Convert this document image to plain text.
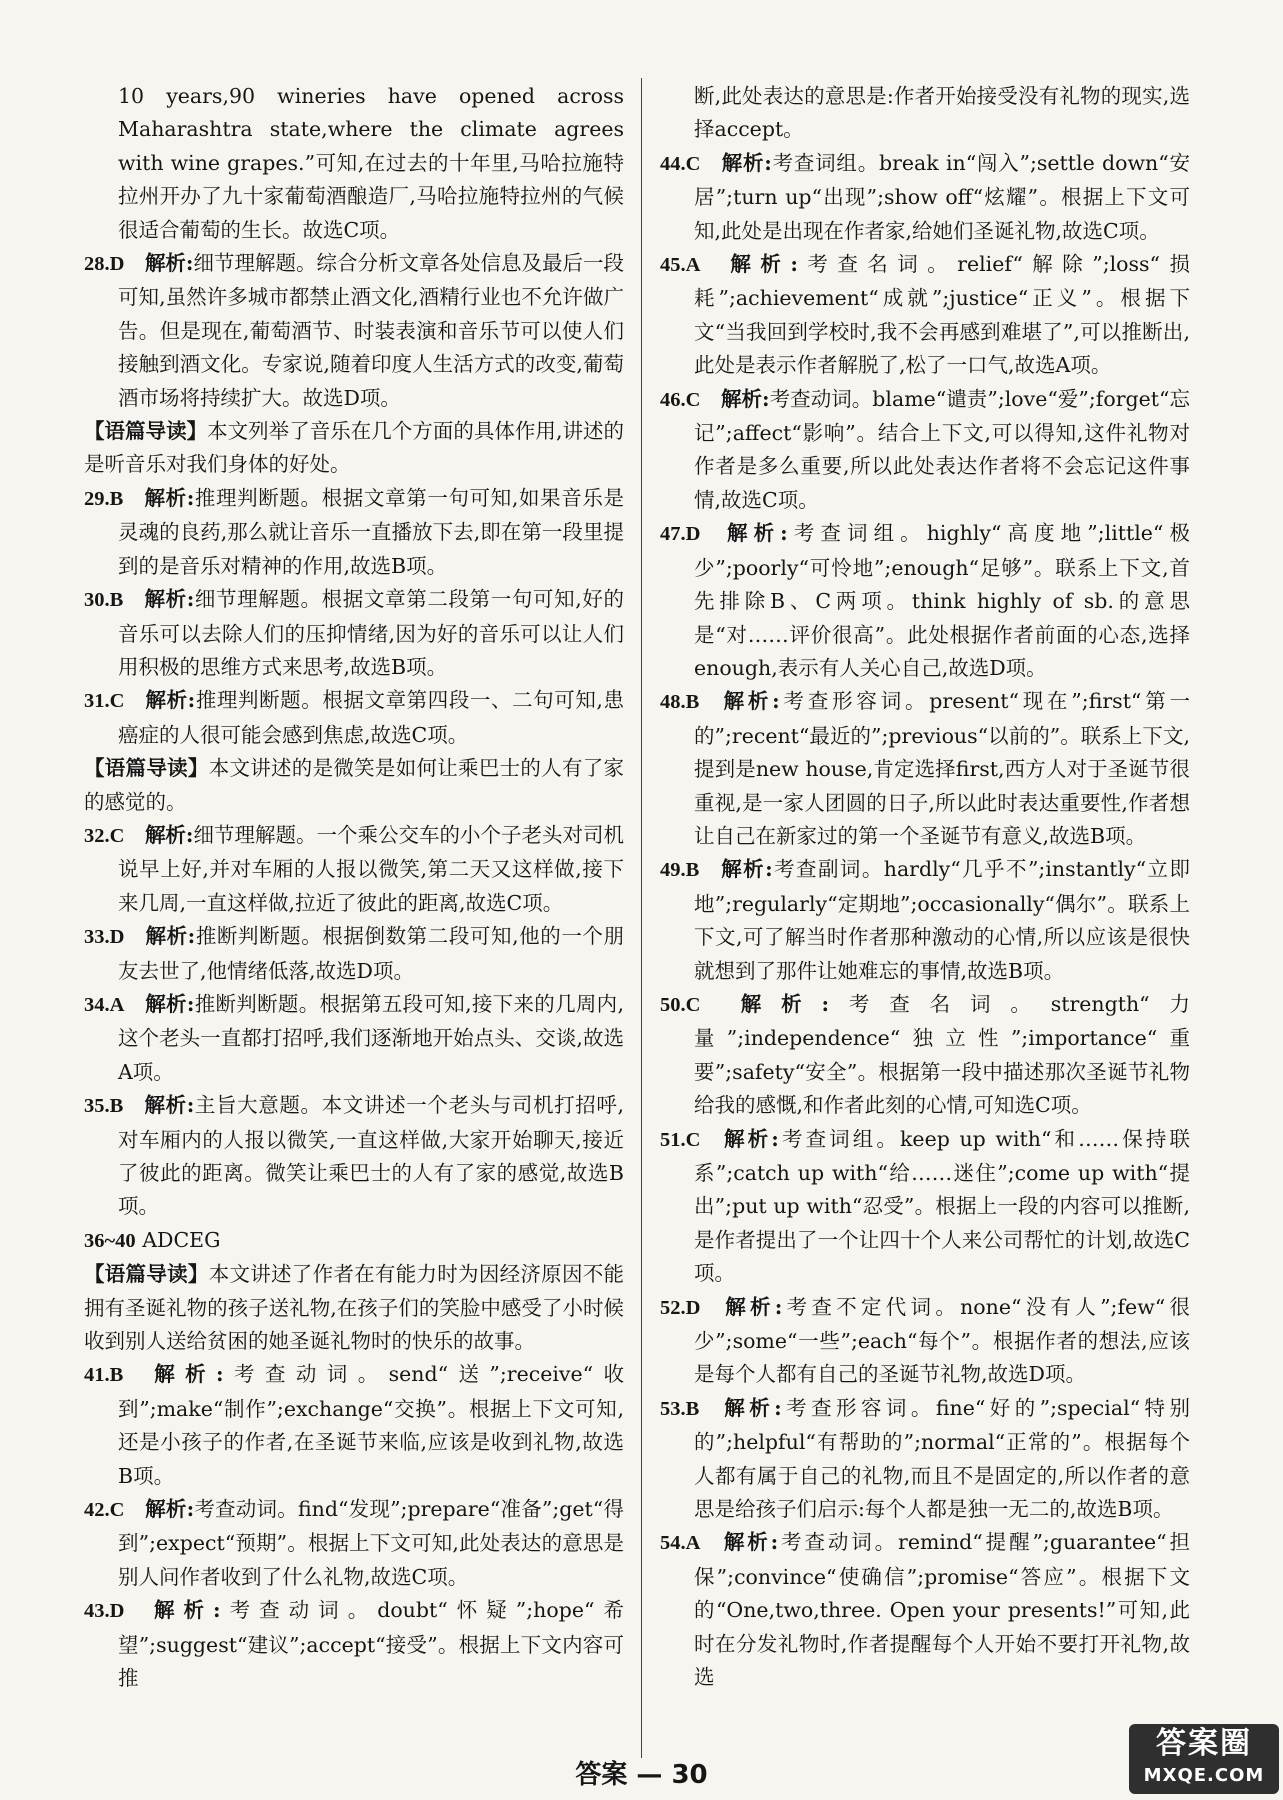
10 years,90 wineries have opened across Maharashtra state,where the climate agrees with wine grapes.”可知,在过去的十年里,马哈拉施特拉州开办了九十家葡萄酒酿造厂,马哈拉施特拉州的气候很适合葡萄的生长。故选C项。

28.D  解析:细节理解题。综合分析文章各处信息及最后一段可知,虽然许多城市都禁止酒文化,酒精行业也不允许做广告。但是现在,葡萄酒节、时装表演和音乐节可以使人们接触到酒文化。专家说,随着印度人生活方式的改变,葡萄酒市场将持续扩大。故选D项。

【语篇导读】本文列举了音乐在几个方面的具体作用,讲述的是听音乐对我们身体的好处。

29.B  解析:推理判断题。根据文章第一句可知,如果音乐是灵魂的良药,那么就让音乐一直播放下去,即在第一段里提到的是音乐对精神的作用,故选B项。

30.B  解析:细节理解题。根据文章第二段第一句可知,好的音乐可以去除人们的压抑情绪,因为好的音乐可以让人们用积极的思维方式来思考,故选B项。

31.C  解析:推理判断题。根据文章第四段一、二句可知,患癌症的人很可能会感到焦虑,故选C项。

【语篇导读】本文讲述的是微笑是如何让乘巴士的人有了家的感觉的。

32.C  解析:细节理解题。一个乘公交车的小个子老头对司机说早上好,并对车厢的人报以微笑,第二天又这样做,接下来几周,一直这样做,拉近了彼此的距离,故选C项。

33.D  解析:推断判断题。根据倒数第二段可知,他的一个朋友去世了,他情绪低落,故选D项。

34.A  解析:推断判断题。根据第五段可知,接下来的几周内,这个老头一直都打招呼,我们逐渐地开始点头、交谈,故选A项。

35.B  解析:主旨大意题。本文讲述一个老头与司机打招呼,对车厢内的人报以微笑,一直这样做,大家开始聊天,接近了彼此的距离。微笑让乘巴士的人有了家的感觉,故选B项。

36~40 ADCEG

【语篇导读】本文讲述了作者在有能力时为因经济原因不能拥有圣诞礼物的孩子送礼物,在孩子们的笑脸中感受了小时候收到别人送给贫困的她圣诞礼物时的快乐的故事。

41.B  解析:考查动词。send“送”;receive“收到”;make“制作”;exchange“交换”。根据上下文可知,还是小孩子的作者,在圣诞节来临,应该是收到礼物,故选B项。

42.C  解析:考查动词。find“发现”;prepare“准备”;get“得到”;expect“预期”。根据上下文可知,此处表达的意思是别人问作者收到了什么礼物,故选C项。

43.D  解析:考查动词。doubt“怀疑”;hope“希望”;suggest“建议”;accept“接受”。根据上下文内容可推

断,此处表达的意思是:作者开始接受没有礼物的现实,选择accept。

44.C  解析:考查词组。break in“闯入”;settle down“安居”;turn up“出现”;show off“炫耀”。根据上下文可知,此处是出现在作者家,给她们圣诞礼物,故选C项。

45.A  解析:考查名词。relief“解除”;loss“损耗”;achievement“成就”;justice“正义”。根据下文“当我回到学校时,我不会再感到难堪了”,可以推断出,此处是表示作者解脱了,松了一口气,故选A项。

46.C  解析:考查动词。blame“谴责”;love“爱”;forget“忘记”;affect“影响”。结合上下文,可以得知,这件礼物对作者是多么重要,所以此处表达作者将不会忘记这件事情,故选C项。

47.D  解析:考查词组。highly“高度地”;little“极少”;poorly“可怜地”;enough“足够”。联系上下文,首先排除B、C两项。think highly of sb.的意思是“对……评价很高”。此处根据作者前面的心态,选择enough,表示有人关心自己,故选D项。

48.B  解析:考查形容词。present“现在”;first“第一的”;recent“最近的”;previous“以前的”。联系上下文,提到是new house,肯定选择first,西方人对于圣诞节很重视,是一家人团圆的日子,所以此时表达重要性,作者想让自己在新家过的第一个圣诞节有意义,故选B项。

49.B  解析:考查副词。hardly“几乎不”;instantly“立即地”;regularly“定期地”;occasionally“偶尔”。联系上下文,可了解当时作者那种激动的心情,所以应该是很快就想到了那件让她难忘的事情,故选B项。

50.C  解析:考查名词。strength“力量”;independence“独立性”;importance“重要”;safety“安全”。根据第一段中描述那次圣诞节礼物给我的感慨,和作者此刻的心情,可知选C项。

51.C  解析:考查词组。keep up with“和……保持联系”;catch up with“给……迷住”;come up with“提出”;put up with“忍受”。根据上一段的内容可以推断,是作者提出了一个让四十个人来公司帮忙的计划,故选C项。

52.D  解析:考查不定代词。none“没有人”;few“很少”;some“一些”;each“每个”。根据作者的想法,应该是每个人都有自己的圣诞节礼物,故选D项。

53.B  解析:考查形容词。fine“好的”;special“特别的”;helpful“有帮助的”;normal“正常的”。根据每个人都有属于自己的礼物,而且不是固定的,所以作者的意思是给孩子们启示:每个人都是独一无二的,故选B项。

54.A  解析:考查动词。remind“提醒”;guarantee“担保”;convince“使确信”;promise“答应”。根据下文的“One,two,three. Open your presents!”可知,此时在分发礼物时,作者提醒每个人开始不要打开礼物,故选

答案 — 30
答案圈
MXQE.COM
